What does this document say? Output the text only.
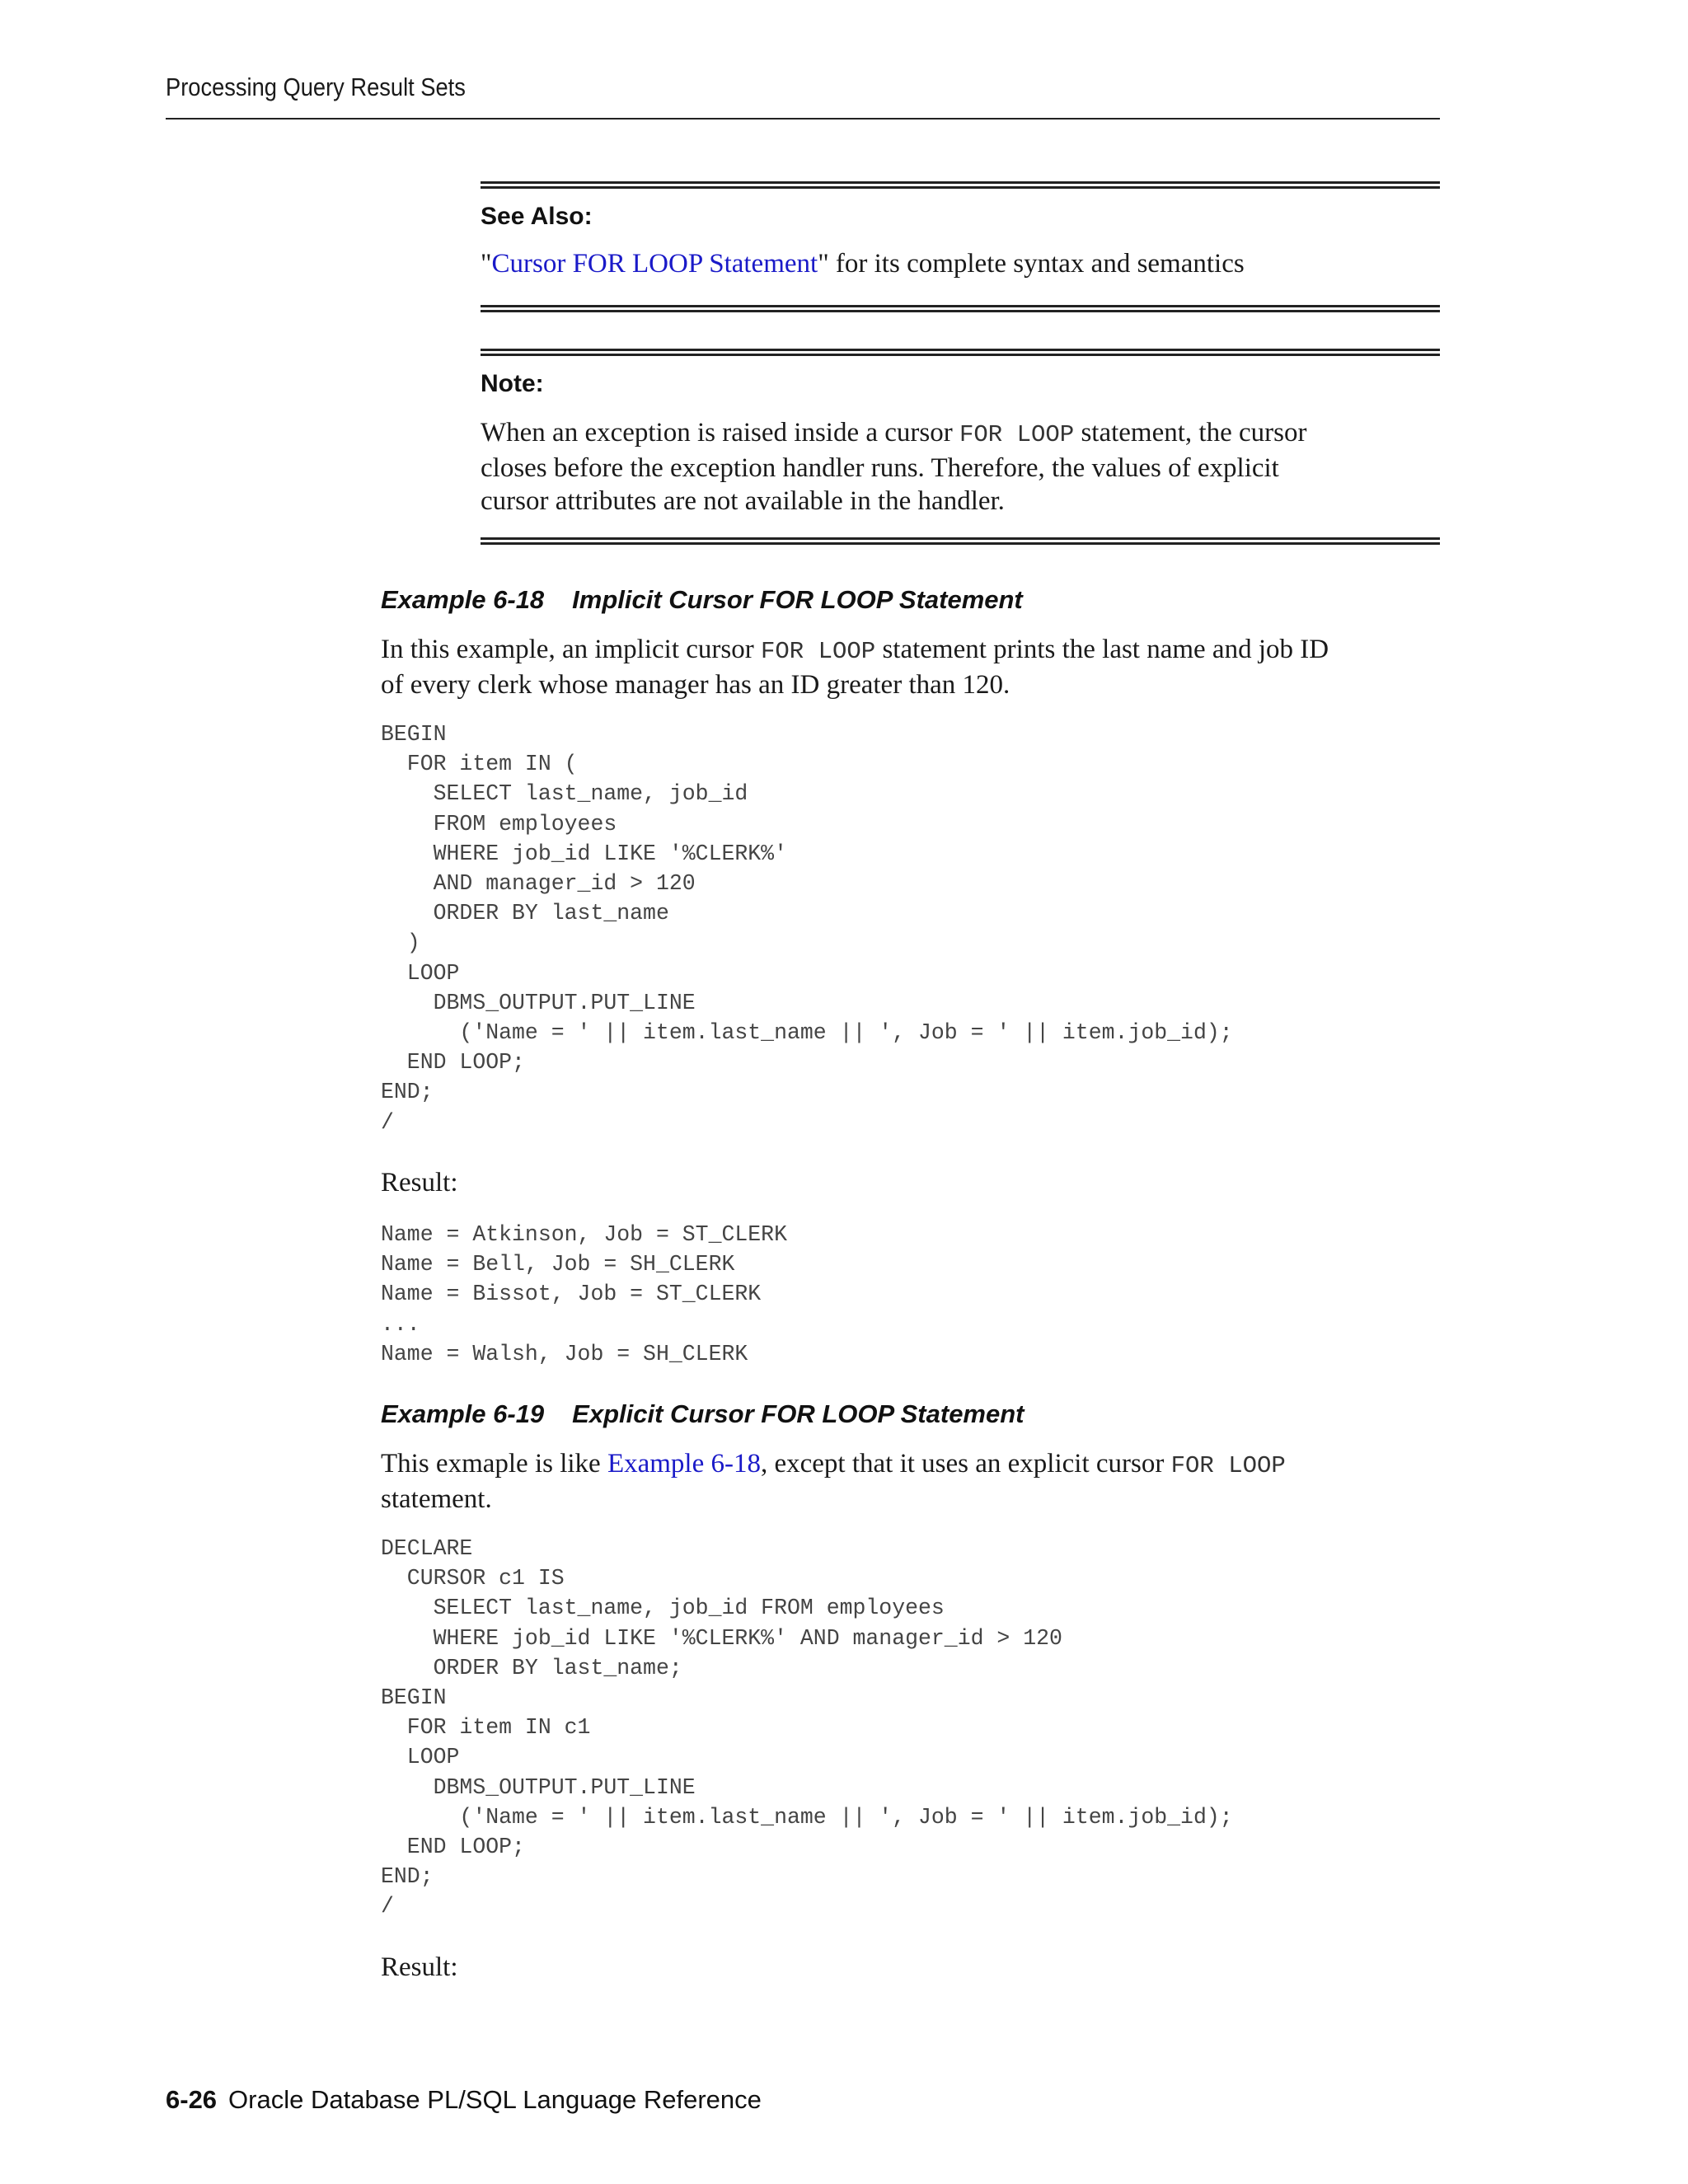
Processing Query Result Sets
See Also:
"Cursor FOR LOOP Statement" for its complete syntax and semantics
Note:
When an exception is raised inside a cursor FOR LOOP statement, the cursor
closes before the exception handler runs. Therefore, the values of explicit
cursor attributes are not available in the handler.
Example 6-18 Implicit Cursor FOR LOOP Statement
In this example, an implicit cursor FOR LOOP statement prints the last name and job ID
of every clerk whose manager has an ID greater than 120.
BEGIN
FOR item IN (
SELECT last_name, job_id
FROM employees
WHERE job_id LIKE '%CLERK%'
AND manager_id > 120
ORDER BY last_name
)
LOOP
DBMS_OUTPUT.PUT_LINE
('Name = ' || item.last_name || ', Job = ' || item.job_id);
END LOOP;
END;
/
Result:
Name = Atkinson, Job = ST_CLERK
Name = Bell, Job = SH_CLERK
Name = Bissot, Job = ST_CLERK
...
Name = Walsh, Job = SH_CLERK
Example 6-19 Explicit Cursor FOR LOOP Statement
This exmaple is like Example 6-18, except that it uses an explicit cursor FOR LOOP
statement.
DECLARE
CURSOR c1 IS
SELECT last_name, job_id FROM employees
WHERE job_id LIKE '%CLERK%' AND manager_id > 120
ORDER BY last_name;
BEGIN
FOR item IN c1
LOOP
DBMS_OUTPUT.PUT_LINE
('Name = ' || item.last_name || ', Job = ' || item.job_id);
END LOOP;
END;
/
Result:
6-26 Oracle Database PL/SQL Language Reference
